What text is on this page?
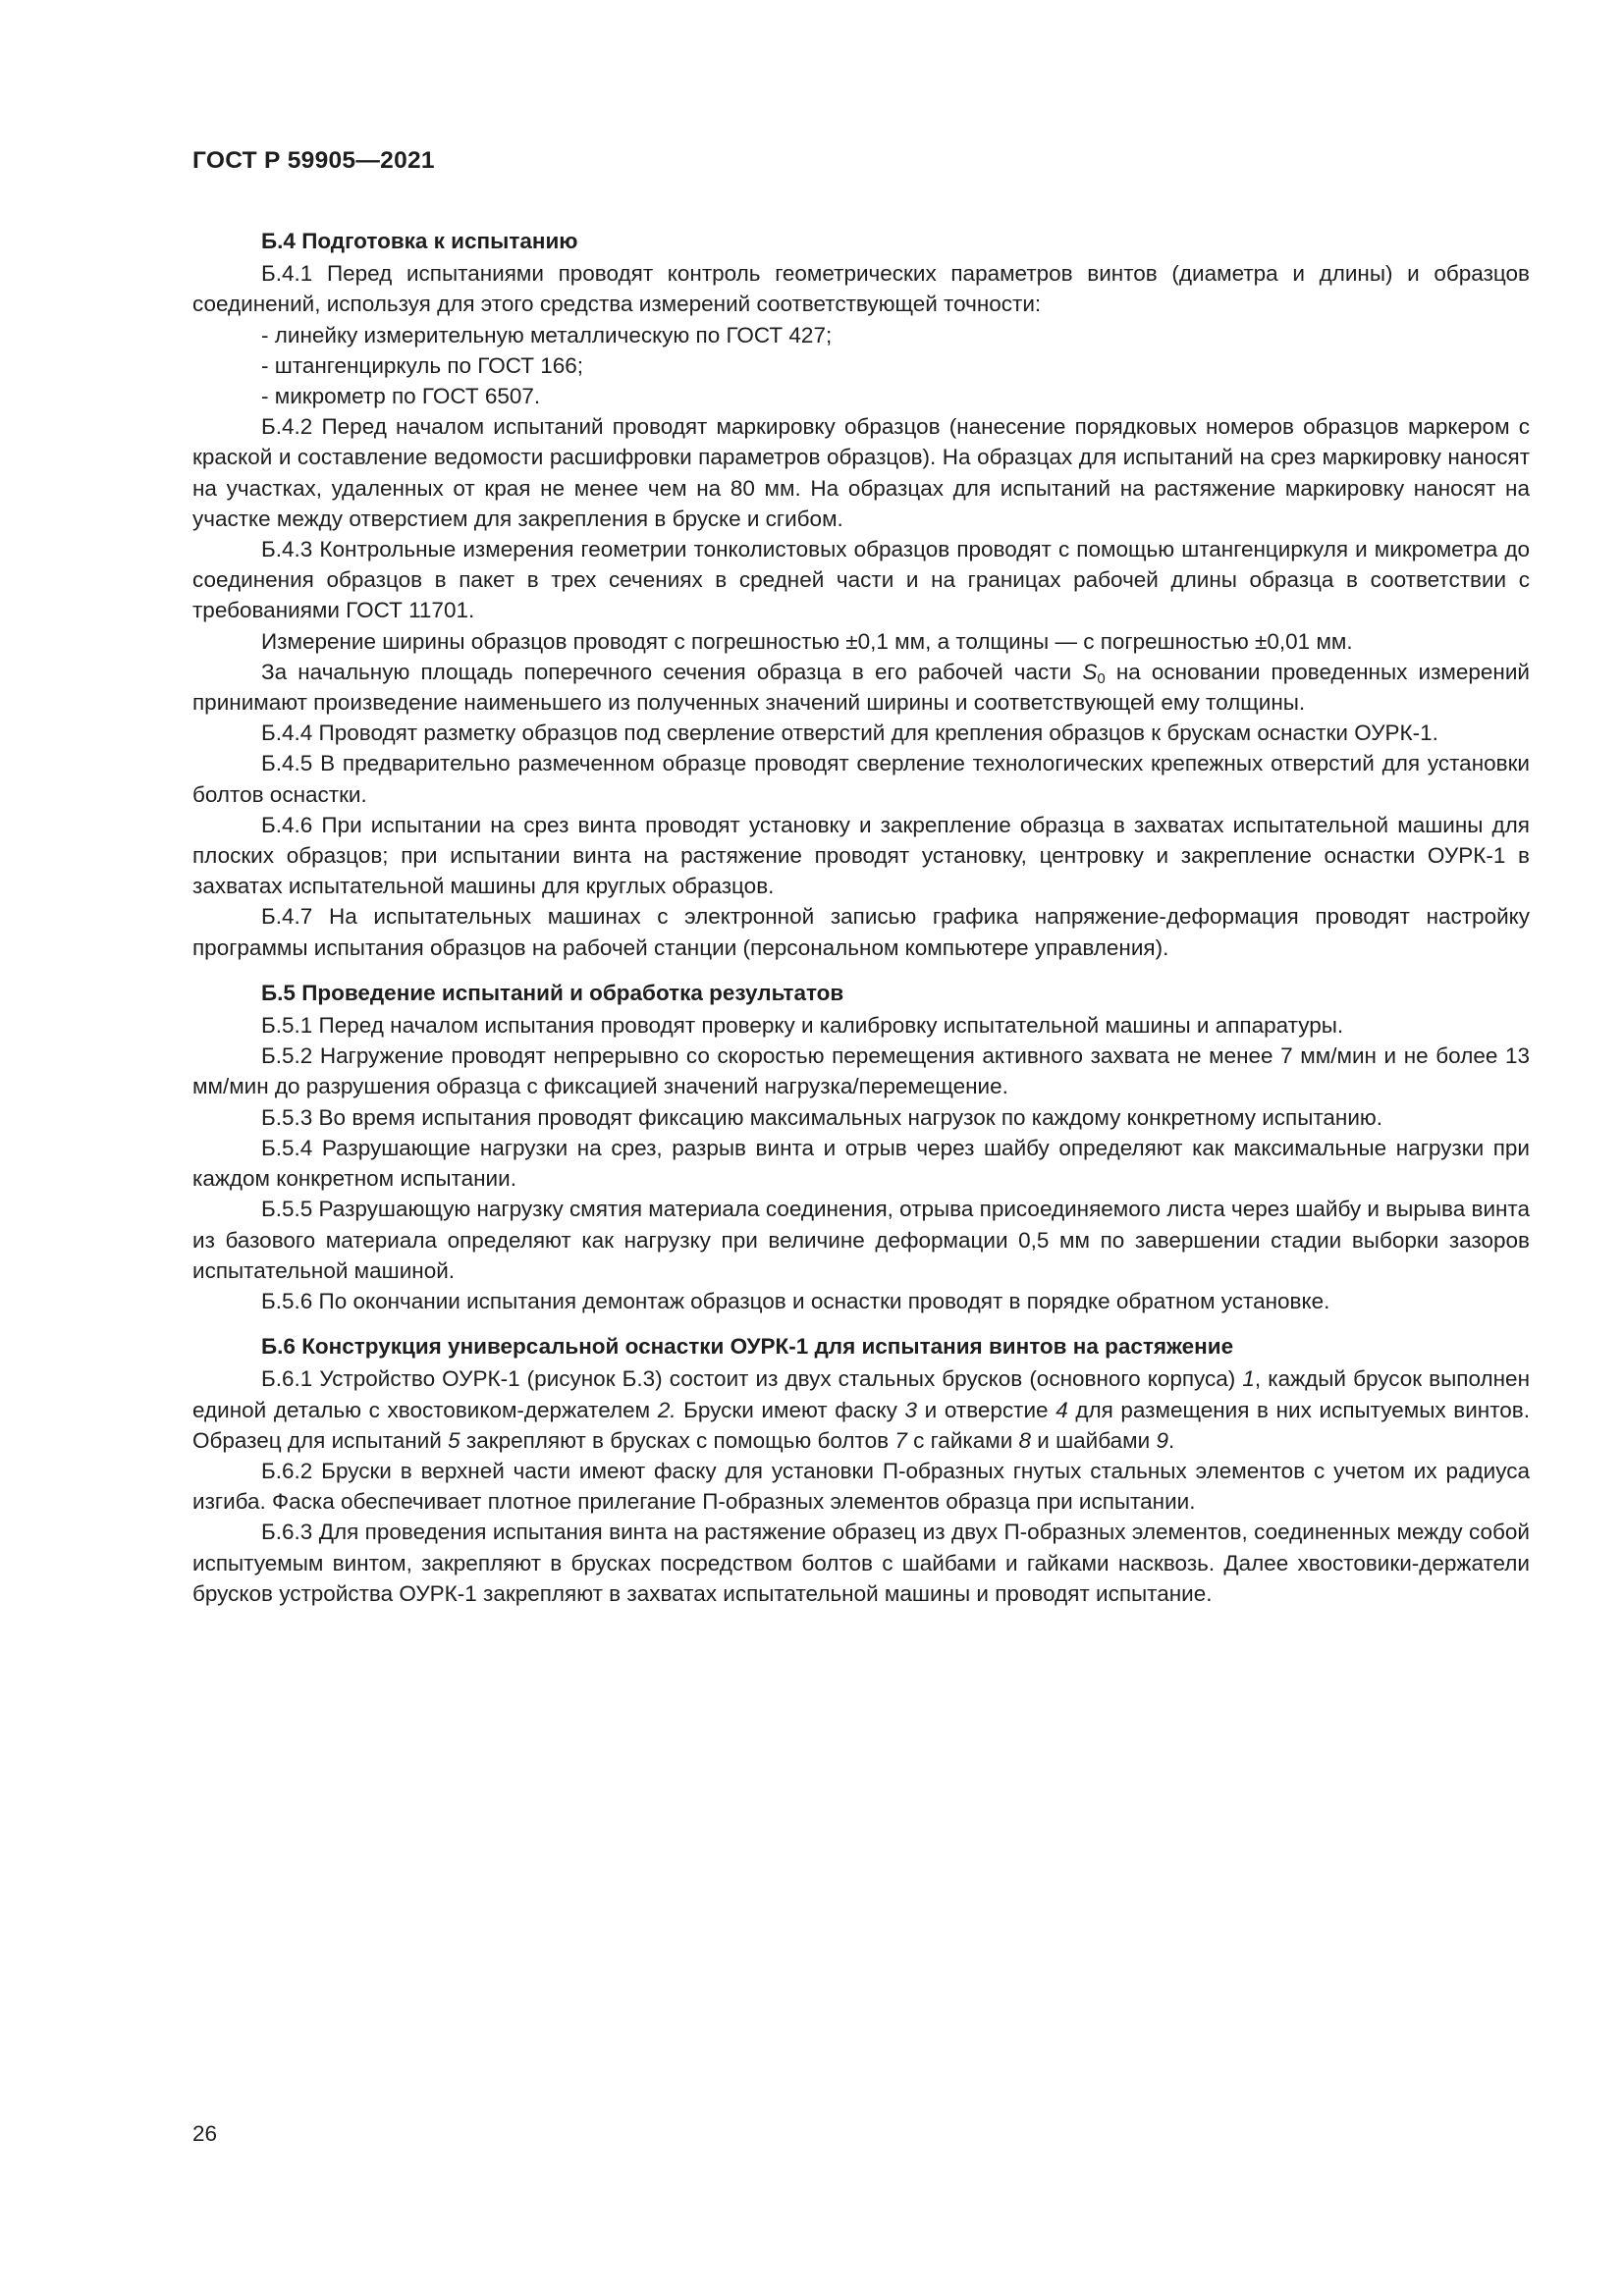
ГОСТ Р 59905—2021
Б.4 Подготовка к испытанию

Б.4.1 Перед испытаниями проводят контроль геометрических параметров винтов (диаметра и длины) и образцов соединений, используя для этого средства измерений соответствующей точности:

- линейку измерительную металлическую по ГОСТ 427;

- штангенциркуль по ГОСТ 166;

- микрометр по ГОСТ 6507.

Б.4.2 Перед началом испытаний проводят маркировку образцов (нанесение порядковых номеров образцов маркером с краской и составление ведомости расшифровки параметров образцов). На образцах для испытаний на срез маркировку наносят на участках, удаленных от края не менее чем на 80 мм. На образцах для испытаний на растяжение маркировку наносят на участке между отверстием для закрепления в бруске и сгибом.

Б.4.3 Контрольные измерения геометрии тонколистовых образцов проводят с помощью штангенциркуля и микрометра до соединения образцов в пакет в трех сечениях в средней части и на границах рабочей длины образца в соответствии с требованиями ГОСТ 11701.

Измерение ширины образцов проводят с погрешностью ±0,1 мм, а толщины — с погрешностью ±0,01 мм.

За начальную площадь поперечного сечения образца в его рабочей части $S_0$ на основании проведенных измерений принимают произведение наименьшего из полученных значений ширины и соответствующей ему толщины.

Б.4.4 Проводят разметку образцов под сверление отверстий для крепления образцов к брускам оснастки ОУРК-1.

Б.4.5 В предварительно размеченном образце проводят сверление технологических крепежных отверстий для установки болтов оснастки.

Б.4.6 При испытании на срез винта проводят установку и закрепление образца в захватах испытательной машины для плоских образцов; при испытании винта на растяжение проводят установку, центровку и закрепление оснастки ОУРК-1 в захватах испытательной машины для круглых образцов.

Б.4.7 На испытательных машинах с электронной записью графика напряжение-деформация проводят настройку программы испытания образцов на рабочей станции (персональном компьютере управления).

Б.5 Проведение испытаний и обработка результатов

Б.5.1 Перед началом испытания проводят проверку и калибровку испытательной машины и аппаратуры.

Б.5.2 Нагружение проводят непрерывно со скоростью перемещения активного захвата не менее 7 мм/мин и не более 13 мм/мин до разрушения образца с фиксацией значений нагрузка/перемещение.

Б.5.3 Во время испытания проводят фиксацию максимальных нагрузок по каждому конкретному испытанию.

Б.5.4 Разрушающие нагрузки на срез, разрыв винта и отрыв через шайбу определяют как максимальные нагрузки при каждом конкретном испытании.

Б.5.5 Разрушающую нагрузку смятия материала соединения, отрыва присоединяемого листа через шайбу и вырыва винта из базового материала определяют как нагрузку при величине деформации 0,5 мм по завершении стадии выборки зазоров испытательной машиной.

Б.5.6 По окончании испытания демонтаж образцов и оснастки проводят в порядке обратном установке.

Б.6 Конструкция универсальной оснастки ОУРК-1 для испытания винтов на растяжение

Б.6.1 Устройство ОУРК-1 (рисунок Б.3) состоит из двух стальных брусков (основного корпуса) 1, каждый брусок выполнен единой деталью с хвостовиком-держателем 2. Бруски имеют фаску 3 и отверстие 4 для размещения в них испытуемых винтов. Образец для испытаний 5 закрепляют в брусках с помощью болтов 7 с гайками 8 и шайбами 9.

Б.6.2 Бруски в верхней части имеют фаску для установки П-образных гнутых стальных элементов с учетом их радиуса изгиба. Фаска обеспечивает плотное прилегание П-образных элементов образца при испытании.

Б.6.3 Для проведения испытания винта на растяжение образец из двух П-образных элементов, соединенных между собой испытуемым винтом, закрепляют в брусках посредством болтов с шайбами и гайками насквозь. Далее хвостовики-держатели брусков устройства ОУРК-1 закрепляют в захватах испытательной машины и проводят испытание.

26
